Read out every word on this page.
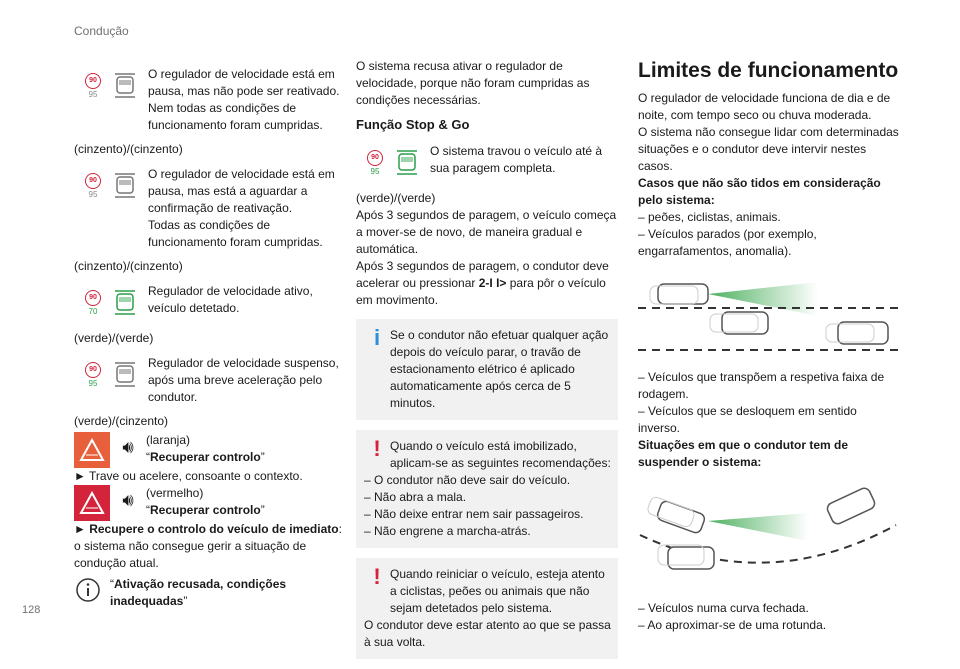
Condução
90
95

O regulador de velocidade está em pausa, mas não pode ser reativado.

Nem todas as condições de funcionamento foram cumpridas.

(cinzento)/(cinzento)

90
95

O regulador de velocidade está em pausa, mas está a aguardar a confirmação de reativação.

Todas as condições de funcionamento foram cumpridas.

(cinzento)/(cinzento)

90
70

Regulador de velocidade ativo, veículo detetado.

(verde)/(verde)

90
95

Regulador de velocidade suspenso, após uma breve aceleração pelo condutor.

(verde)/(cinzento)

🔊︎	(laranja)

“Recuperar controlo”

► Trave ou acelere, consoante o contexto.

🔊︎	(vermelho)

“Recuperar controlo”

► Recupere o controlo do veículo de imediato: o sistema não consegue gerir a situação de condução atual.

“Ativação recusada, condições inadequadas”

O sistema recusa ativar o regulador de velocidade, porque não foram cumpridas as condições necessárias.

Função Stop & Go

90
95

O sistema travou o veículo até à sua paragem completa.

(verde)/(verde)

Após 3 segundos de paragem, o veículo começa a mover-se de novo, de maneira gradual e automática.

Após 3 segundos de paragem, o condutor deve acelerar ou pressionar 2-I I> para pôr o veículo em movimento.

i Se o condutor não efetuar qualquer ação depois do veículo parar, o travão de estacionamento elétrico é aplicado automaticamente após cerca de 5 minutos.

! Quando o veículo está imobilizado, aplicam-se as seguintes recomendações:

– O condutor não deve sair do veículo.

– Não abra a mala.

– Não deixe entrar nem sair passageiros.

– Não engrene a marcha-atrás.

! Quando reiniciar o veículo, esteja atento a ciclistas, peões ou animais que não sejam detetados pelo sistema.

O condutor deve estar atento ao que se passa à sua volta.

Limites de funcionamento

O regulador de velocidade funciona de dia e de noite, com tempo seco ou chuva moderada.

O sistema não consegue lidar com determinadas situações e o condutor deve intervir nestes casos.

Casos que não são tidos em consideração pelo sistema:

– peões, ciclistas, animais.

– Veículos parados (por exemplo, engarrafamentos, anomalia).

– Veículos que transpõem a respetiva faixa de rodagem.

– Veículos que se desloquem em sentido inverso.

Situações em que o condutor tem de suspender o sistema:

– Veículos numa curva fechada.

– Ao aproximar-se de uma rotunda.

128
